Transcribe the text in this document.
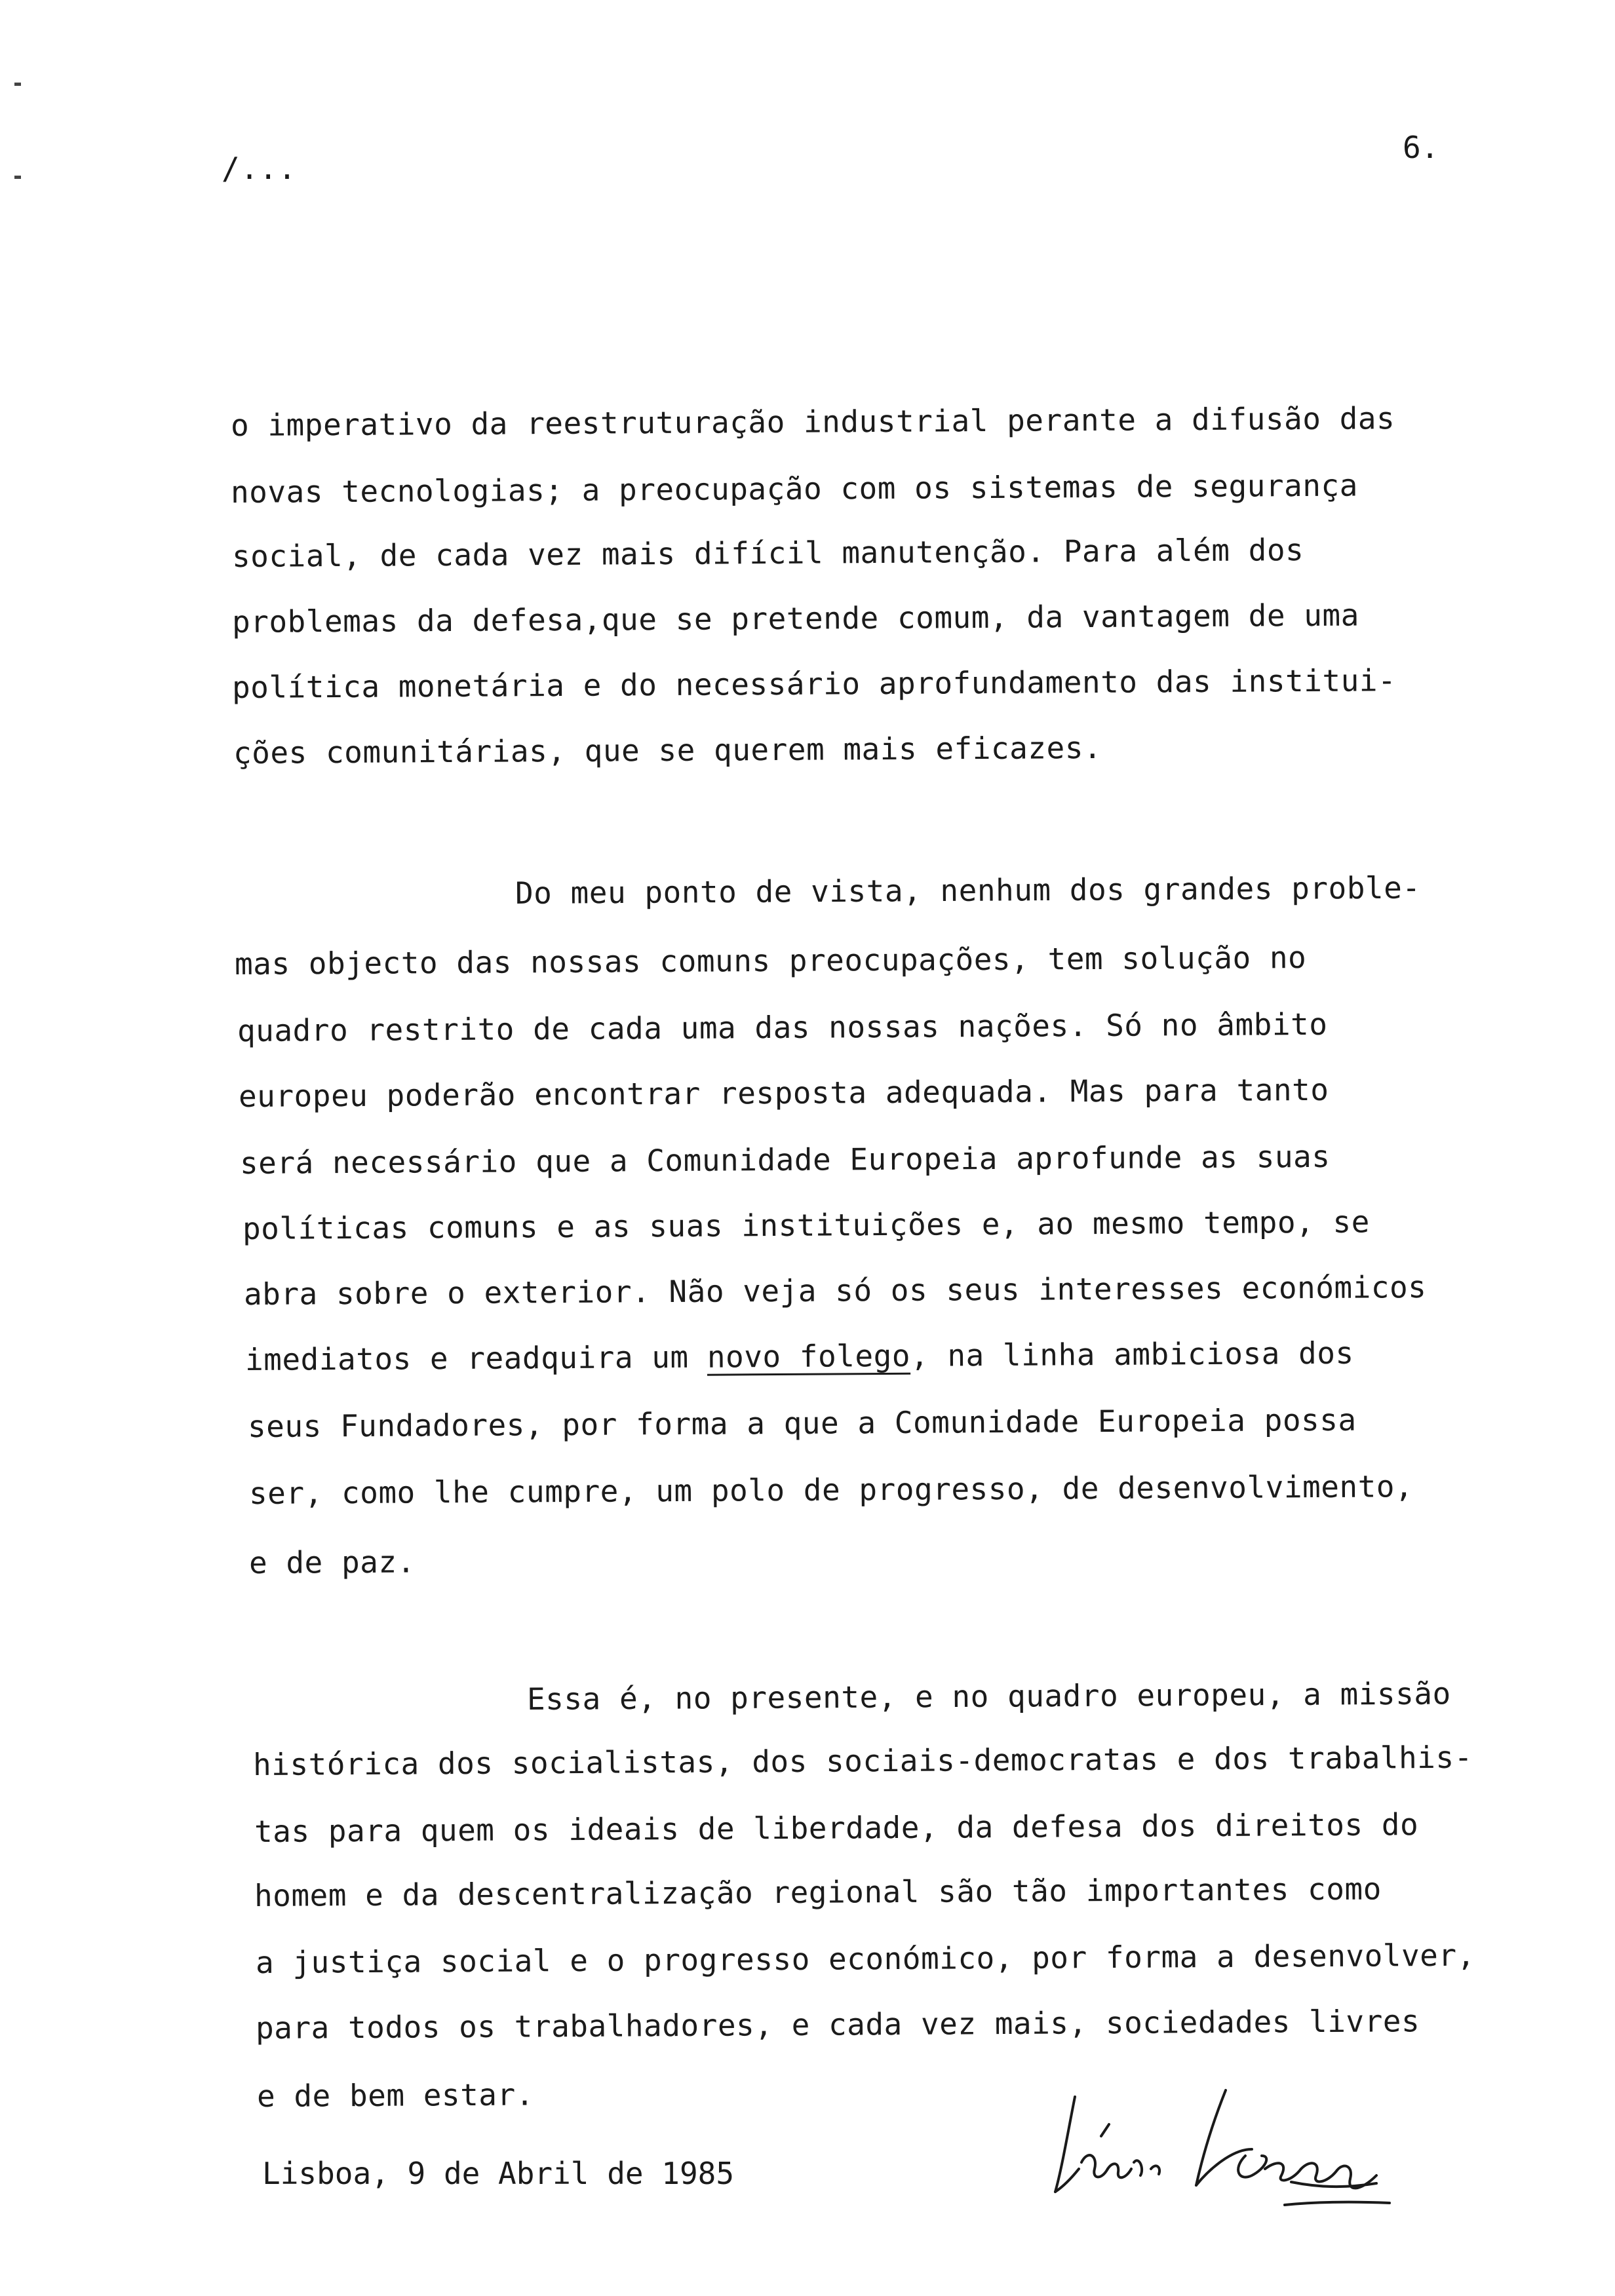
/...
6.
o imperativo da reestruturação industrial perante a difusão das
novas tecnologias; a preocupação com os sistemas de segurança
social, de cada vez mais difícil manutenção. Para além dos
problemas da defesa,que se pretende comum, da vantagem de uma
política monetária e do necessário aprofundamento das institui-
ções comunitárias, que se querem mais eficazes.
Do meu ponto de vista, nenhum dos grandes proble-
mas objecto das nossas comuns preocupações, tem solução no
quadro restrito de cada uma das nossas nações. Só no âmbito
europeu poderão encontrar resposta adequada. Mas para tanto
será necessário que a Comunidade Europeia aprofunde as suas
políticas comuns e as suas instituições e, ao mesmo tempo, se
abra sobre o exterior. Não veja só os seus interesses económicos
imediatos e readquira um novo folego, na linha ambiciosa dos
seus Fundadores, por forma a que a Comunidade Europeia possa
ser, como lhe cumpre, um polo de progresso, de desenvolvimento,
e de paz.
Essa é, no presente, e no quadro europeu, a missão
histórica dos socialistas, dos sociais-democratas e dos trabalhis-
tas para quem os ideais de liberdade, da defesa dos direitos do
homem e da descentralização regional são tão importantes como
a justiça social e o progresso económico, por forma a desenvolver,
para todos os trabalhadores, e cada vez mais, sociedades livres
e de bem estar.
Lisboa, 9 de Abril de 1985
